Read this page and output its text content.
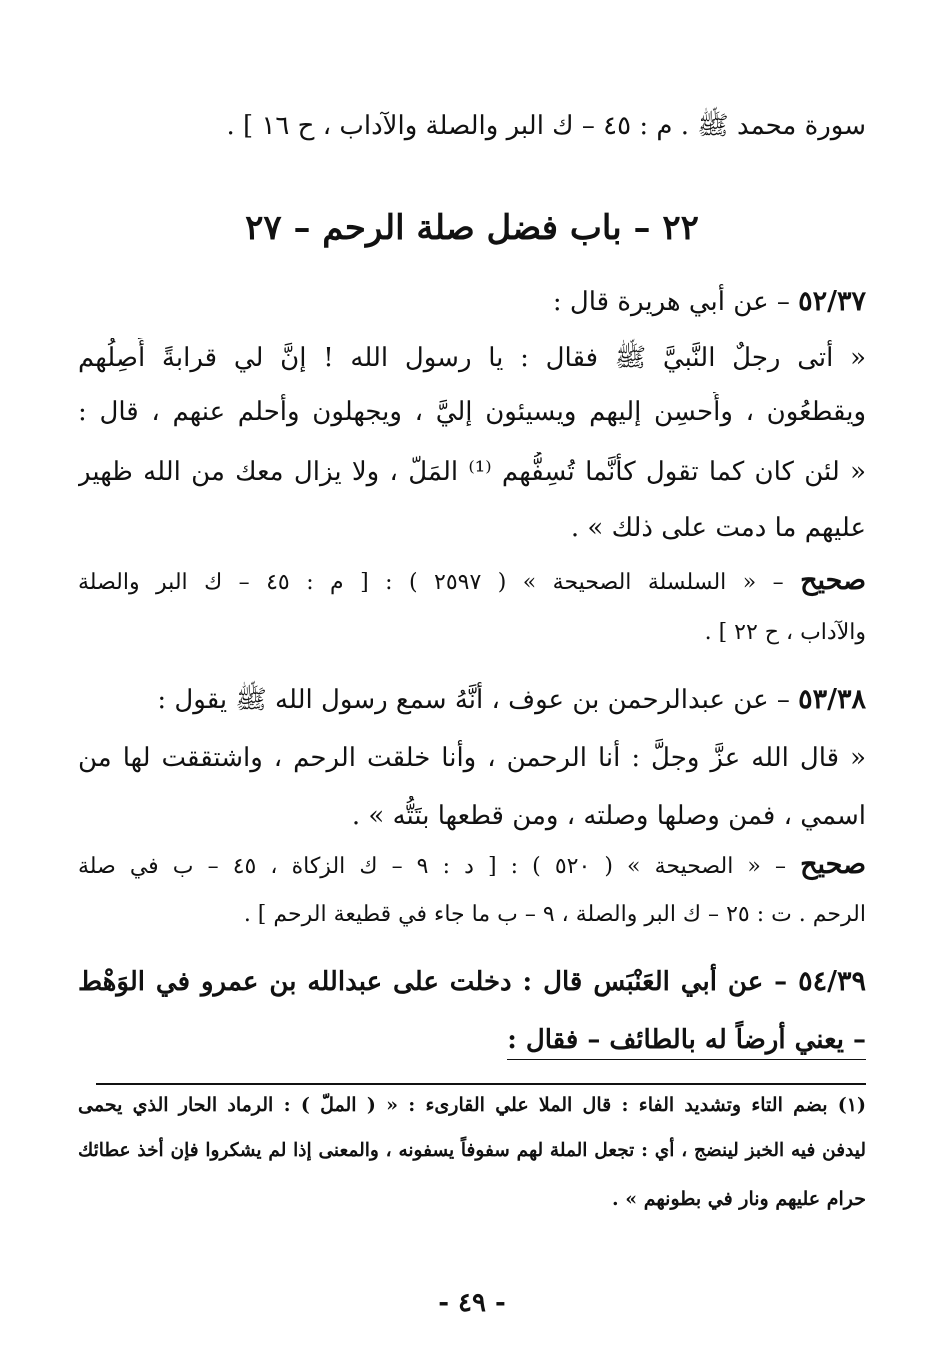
سورة محمد ﷺ . م : ٤٥ – ك البر والصلة والآداب ، ح ١٦ ] .
٢٢ – باب فضل صلة الرحم – ٢٧
٥٢/٣٧ – عن أبي هريرة قال :
« أتى رجلٌ النَّبيَّ ﷺ فقال : يا رسول الله ! إنَّ لي قرابةً أَصِلُهم
ويقطعُون ، وأُحسِن إليهم ويسيئون إليَّ ، ويجهلون وأحلم عنهم ، قال :
« لئن كان كما تقول كأنَّما تُسِفُّهم ⁽¹⁾ المَلّ ، ولا يزال معك من الله ظهير
عليهم ما دمت على ذلك » .
صحيح – « السلسلة الصحيحة » ( ٢٥٩٧ ) : [ م : ٤٥ – ك البر والصلة
والآداب ، ح ٢٢ ] .
٥٣/٣٨ – عن عبدالرحمن بن عوف ، أنَّهُ سمع رسول الله ﷺ يقول :
« قال الله عزَّ وجلَّ : أنا الرحمن ، وأنا خلقت الرحم ، واشتققت لها من
اسمي ، فمن وصلها وصلته ، ومن قطعها بتَتُّه » .
صحيح – « الصحيحة » ( ٥٢٠ ) : [ د : ٩ – ك الزكاة ، ٤٥ – ب في صلة
الرحم . ت : ٢٥ – ك البر والصلة ، ٩ – ب ما جاء في قطيعة الرحم ] .
٥٤/٣٩ – عن أبي العَنْبَس قال : دخلت على عبدالله بن عمرو في الوَهْط
– يعني أرضاً له بالطائف – فقال :
(١) بضم التاء وتشديد الفاء : قال الملا علي القارىء : « ( الملّ ) : الرماد الحار الذي يحمى
ليدفن فيه الخبز لينضج ، أي : تجعل الملة لهم سفوفاً يسفونه ، والمعنى إذا لم يشكروا فإن أخذ عطائك
حرام عليهم ونار في بطونهم » .
- ٤٩ -
